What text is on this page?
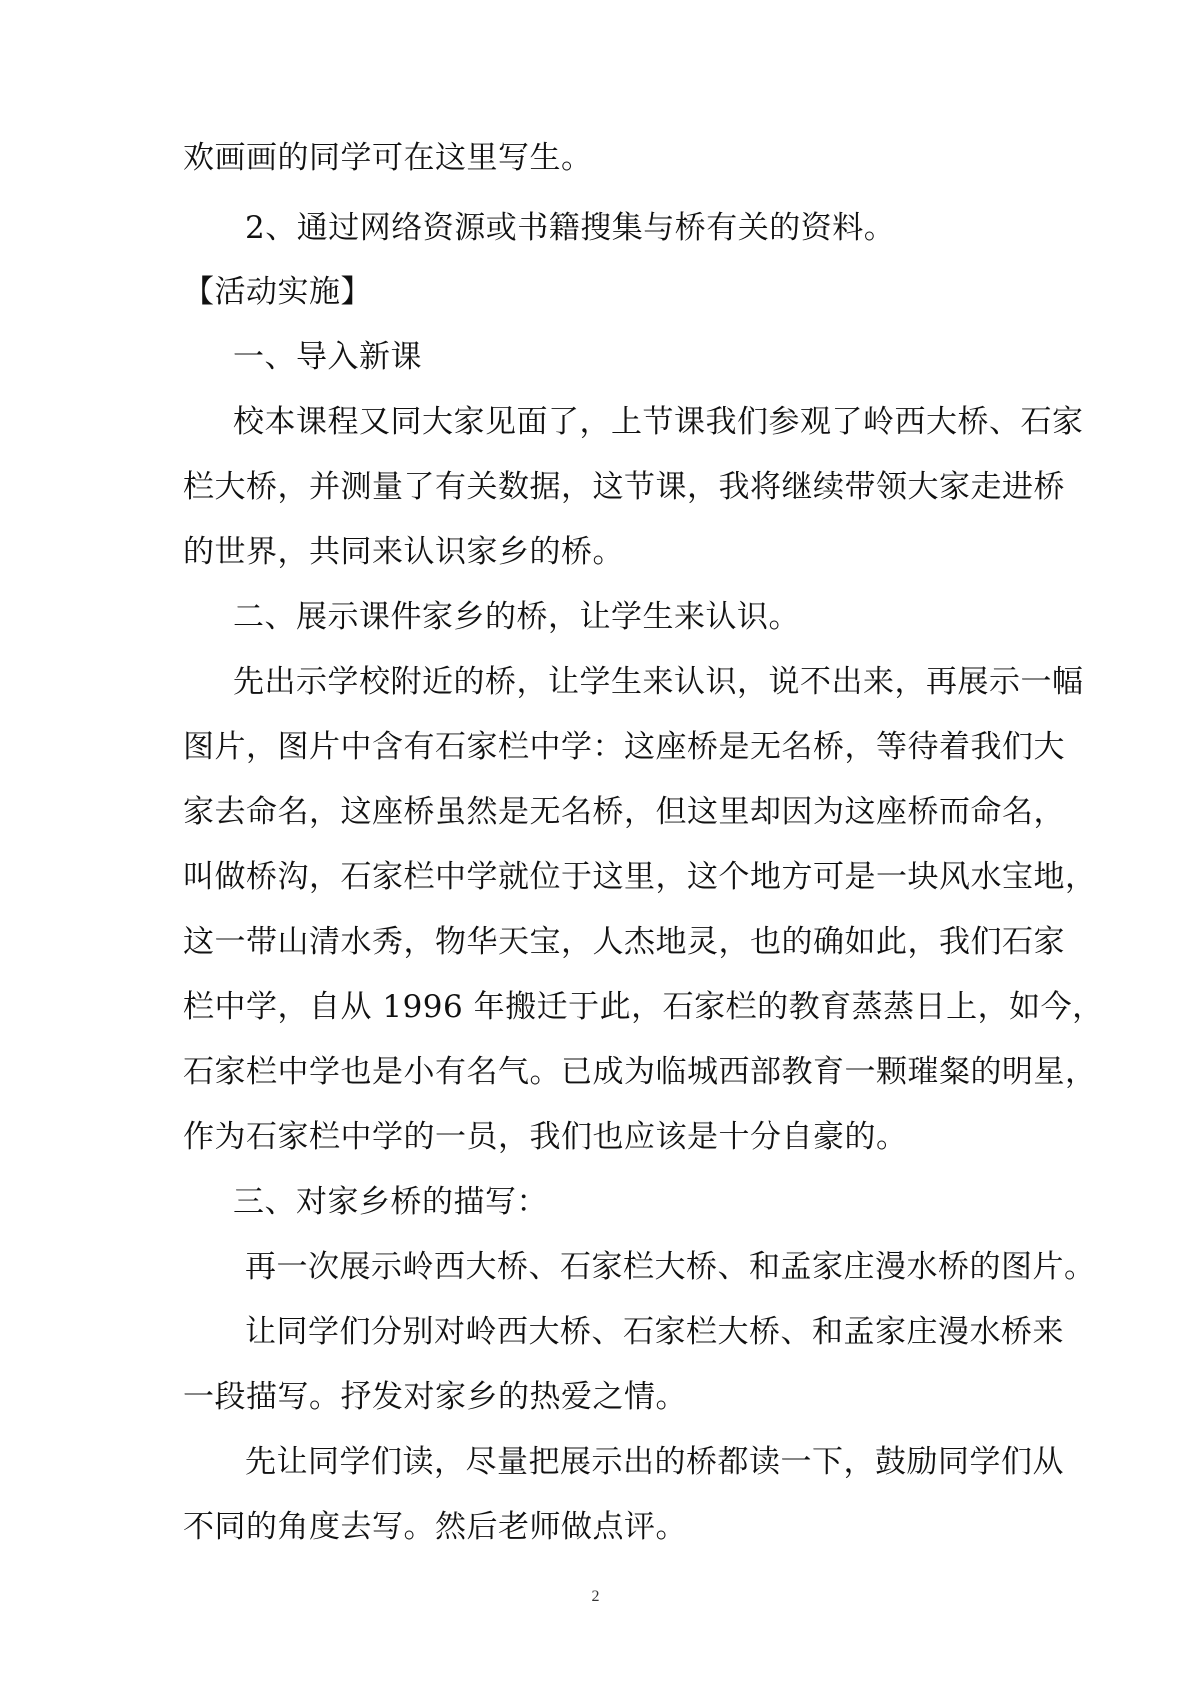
欢画画的同学可在这里写生。
2、通过网络资源或书籍搜集与桥有关的资料。
【活动实施】
一、导入新课
校本课程又同大家见面了，上节课我们参观了岭西大桥、石家
栏大桥，并测量了有关数据，这节课，我将继续带领大家走进桥
的世界，共同来认识家乡的桥。
二、展示课件家乡的桥，让学生来认识。
先出示学校附近的桥，让学生来认识，说不出来，再展示一幅
图片，图片中含有石家栏中学：这座桥是无名桥，等待着我们大
家去命名，这座桥虽然是无名桥，但这里却因为这座桥而命名，
叫做桥沟，石家栏中学就位于这里，这个地方可是一块风水宝地，
这一带山清水秀，物华天宝，人杰地灵，也的确如此，我们石家
栏中学，自从 1996 年搬迁于此，石家栏的教育蒸蒸日上，如今，
石家栏中学也是小有名气。已成为临城西部教育一颗璀粲的明星，
作为石家栏中学的一员，我们也应该是十分自豪的。
三、对家乡桥的描写：
再一次展示岭西大桥、石家栏大桥、和孟家庄漫水桥的图片。
让同学们分别对岭西大桥、石家栏大桥、和孟家庄漫水桥来
一段描写。抒发对家乡的热爱之情。
先让同学们读，尽量把展示出的桥都读一下，鼓励同学们从
不同的角度去写。然后老师做点评。
2
